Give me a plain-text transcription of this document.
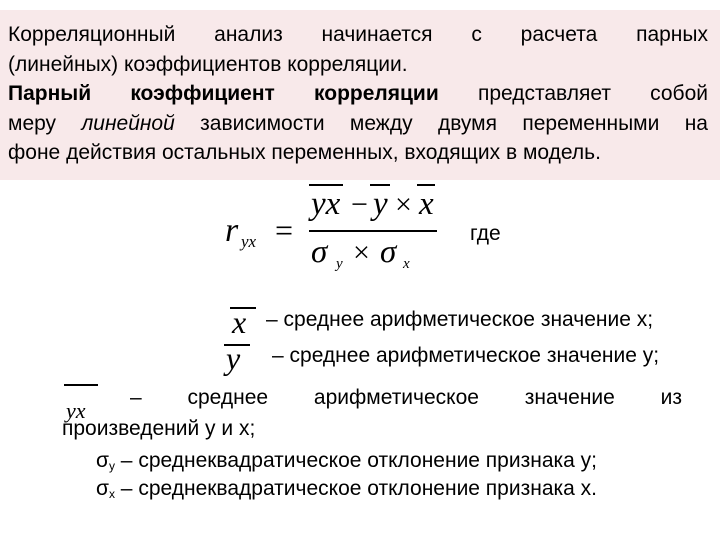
Корреляционный анализ начинается с расчета парных
(линейных) коэффициентов корреляции.
Парный коэффициент корреляции представляет собой
меру линейной зависимости между двумя переменными на
фоне действия остальных переменных, входящих в модель.
r yx =
yx − y × x
σ y × σ x
где
x – среднее арифметическое значение x;
y – среднее арифметическое значение y;
yx
– среднее арифметическое значение из
произведений y и x;
$\sigma_y$ – среднеквадратическое отклонение признака y;
$\sigma_x$ – среднеквадратическое отклонение признака x.
